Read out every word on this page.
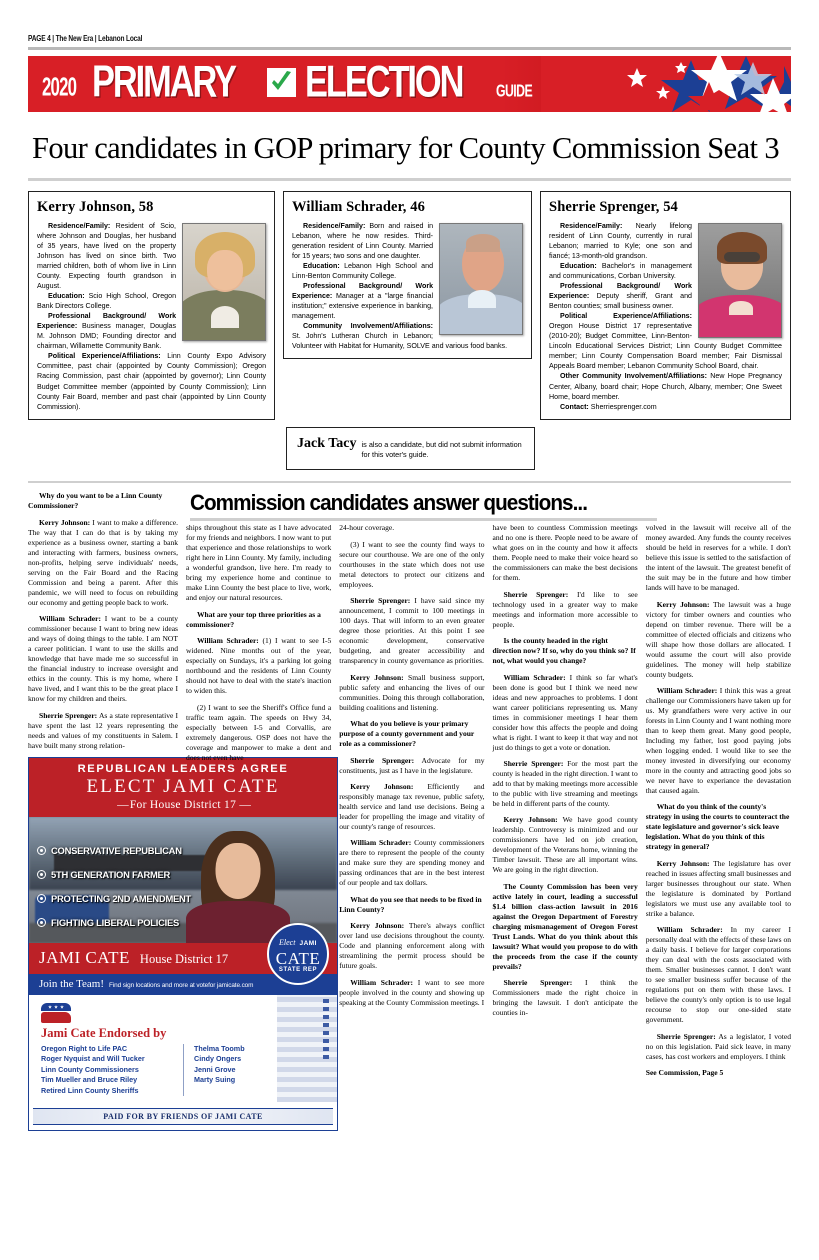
PAGE 4 | The New Era | Lebanon Local
2020 PRIMARY ELECTION GUIDE
Four candidates in GOP primary for County Commission Seat 3
Kerry Johnson, 58

Residence/Family: Resident of Scio, where Johnson and Douglas, her husband of 35 years, have lived on the property Johnson has lived on since birth. Two married children, both of whom live in Linn County. Expecting fourth grandson in August.

Education: Scio High School, Oregon Bank Directors College.

Professional Background/ Work Experience: Business manager, Douglas M. Johnson DMD; Founding director and chairman, Willamette Community Bank.

Political Experience/Affiliations: Linn County Expo Advisory Committee, past chair (appointed by County Commission); Oregon Racing Commission, past chair (appointed by governor); Linn County Budget Committee member (appointed by County Commission); Linn County Fair Board, member and past chair (appointed by Linn County Commission).

William Schrader, 46

Residence/Family: Born and raised in Lebanon, where he now resides. Third-generation resident of Linn County. Married for 15 years; two sons and one daughter.

Education: Lebanon High School and Linn-Benton Community College.

Professional Background/ Work Experience: Manager at a "large financial institution;" extensive experience in banking, management.

Community Involvement/Affiliations: St. John's Lutheran Church in Lebanon; Volunteer with Habitat for Humanity, SOLVE and various food banks.

Sherrie Sprenger, 54

Residence/Family: Nearly lifelong resident of Linn County, currently in rural Lebanon; married to Kyle; one son and fiancé; 13-month-old grandson.

Education: Bachelor's in management and communications, Corban University.

Professional Background/ Work Experience: Deputy sheriff, Grant and Benton counties; small business owner.

Political Experience/Affiliations: Oregon House District 17 representative (2010-20); Budget Committee, Linn-Benton-Lincoln Educational Services District; Linn County Budget Committee member; Linn County Compensation Board member; Fair Dismissal Appeals Board member; Lebanon Community School Board, chair.

Other Community Involvement/Affiliations: New Hope Pregnancy Center, Albany, board chair; Hope Church, Albany, member; One Sweet Home, board member.

Contact: Sherriesprenger.com

Jack Tacy is also a candidate, but did not submit information for this voter's guide.
Commission candidates answer questions...

Why do you want to be a Linn County Commissioner?

Kerry Johnson: I want to make a difference. The way that I can do that is by taking my experience as a business owner, starting a bank and interacting with farmers, business owners, non-profits, helping serve individuals' needs, serving on the Fair Board and the Racing Commission and being a parent. After this pandemic, we will need to focus on rebuilding our economy and getting people back to work.

William Schrader: I want to be a county commissioner because I want to bring new ideas and ways of doing things to the table. I am NOT a career politician. I want to use the skills and knowledge that have made me so successful in the financial industry to increase oversight and ethics in the county. This is my home, where I have lived, and I want this to be the great place I know for my children and theirs.

Sherrie Sprenger: As a state representative I have spent the last 12 years representing the needs and values of my constituents in Salem. I have built many strong relation-

REPUBLICAN LEADERS AGREE
ELECT JAMI CATE
— For House District 17 —
CONSERVATIVE REPUBLICAN
5TH GENERATION FARMER
PROTECTING 2ND AMENDMENT
FIGHTING LIBERAL POLICIES
JAMI CATE House District 17
Elect JAMI
CATE
STATE REP
Join the Team! Find sign locations and more at votefor jamicate.com
Jami Cate Endorsed by
Oregon Right to Life PAC
Roger Nyquist and Will Tucker
Linn County Commissioners
Tim Mueller and Bruce Riley
Retired Linn County Sheriffs
Thelma Toomb
Cindy Ongers
Jenni Grove
Marty Suing
PAID FOR BY FRIENDS OF JAMI CATE

ships throughout this state as I have advocated for my friends and neighbors. I now want to put that experience and those relationships to work right here in Linn County. My family, including a wonderful grandson, live here. I'm ready to bring my experience home and continue to make Linn County the best place to live, work, and enjoy our natural resources.

What are your top three priorities as a commissioner?

William Schrader: (1) I want to see I-5 widened. Nine months out of the year, especially on Sundays, it's a parking lot going northbound and the residents of Linn County should not have to deal with the state's inaction to widen this.

(2) I want to see the Sheriff's Office fund a traffic team again. The speeds on Hwy 34, especially between I-5 and Corvallis, are extremely dangerous. OSP does not have the coverage and manpower to make a dent and does not even have

24-hour coverage.

(3) I want to see the county find ways to secure our courthouse. We are one of the only courthouses in the state which does not use metal detectors to protect our citizens and employees.

Sherrie Sprenger: I have said since my announcement, I commit to 100 meetings in 100 days. That will inform to an even greater degree those priorities. At this point I see economic development, conservative budgeting, and greater accessibility and transparency in county governance as priorities.

Kerry Johnson: Small business support, public safety and enhancing the lives of our communities. Doing this through collaboration, building coalitions and listening.

What do you believe is your primary purpose of a county government and your role as a commissioner?

Sherrie Sprenger: Advocate for my constituents, just as I have in the legislature.

Kerry Johnson: Efficiently and responsibly manage tax revenue, public safety, health service and land use decisions. Being a leader for propelling the image and vitality of our county's range of resources.

William Schrader: County commissioners are there to represent the people of the county and make sure they are spending money and passing ordinances that are in the best interest of our people and tax dollars.

What do you see that needs to be fixed in Linn County?

Kerry Johnson: There's always conflict over land use decisions throughout the county. Code and planning enforcement along with streamlining the permit process should be future goals.

William Schrader: I want to see more people involved in the county and showing up speaking at the County Commission meetings. I

have been to countless Commission meetings and no one is there. People need to be aware of what goes on in the county and how it affects them. People need to make their voice heard so the commissioners can make the best decisions for them.

Sherrie Sprenger: I'd like to see technology used in a greater way to make meetings and information more accessible to people.

Is the county headed in the right direction now? If so, why do you think so? If not, what would you change?

William Schrader: I think so far what's been done is good but I think we need new ideas and new approaches to problems. I dont want career politicians representing us. Many times in commisioner meetings I hear them consider how this affects the people and doing what is right. I want to keep it that way and not just do things to get a vote or donation.

Sherrie Sprenger: For the most part the county is headed in the right direction. I want to add to that by making meetings more accessible to the public with live streaming and meetings be held in different parts of the county.

Kerry Johnson: We have good county leadership. Controversy is minimized and our commissioners have led on job creation, development of the Veterans home, winning the Timber lawsuit. These are all important wins. We are going in the right direction.

The County Commission has been very active lately in court, leading a successful $1.4 billion class-action lawsuit in 2016 against the Oregon Department of Forestry charging mismanagement of Oregon Forest Trust Lands. What do you think about this lawsuit? What would you propose to do with the proceeds from the case if the county prevails?

Sherrie Sprenger: I think the Commissioners made the right choice in bringing the lawsuit. I don't anticipate the counties in-

volved in the lawsuit will receive all of the money awarded. Any funds the county receives should be held in reserves for a while. I don't believe this issue is settled to the satisfaction of the intent of the lawsuit. The greatest benefit of the suit may be in the future and how timber lands will have to be managed.

Kerry Johnson: The lawsuit was a huge victory for timber owners and counties who depend on timber revenue. There will be a committee of elected officials and citizens who will shape how those dollars are allocated. I would assume the court will also provide guidelines. The money will help stabilize county budgets.

William Schrader: I think this was a great challenge our Commissioners have taken up for us. My grandfathers were very active in our forests in Linn County and I want nothing more than to keep them great. Many good people, Including my father, lost good paying jobs when logging ended. I would like to see the money invested in diversifying our economy more in the county and attracting good jobs so we never have to experiance the devastation that caused again.

What do you think of the county's strategy in using the courts to counteract the state legislature and governor's sick leave legislation. What do you think of this strategy in general?

Kerry Johnson: The legislature has over reached in issues affecting small businesses and larger businesses throughout our state. When the legislature is dominated by Portland legislators we must use any available tool to strike a balance.

William Schrader: In my career I personally deal with the effects of these laws on a daily basis. I believe for larger corporations they can deal with the costs associated with them. Smaller businesses cannot. I don't want to see smaller business suffer because of the regulations put on them with these laws. I believe the county's only option is to use legal recourse to stop our one-sided state government.

Sherrie Sprenger: As a legislator, I voted no on this legislation. Paid sick leave, in many cases, has cost workers and employers. I think

See Commission, Page 5
